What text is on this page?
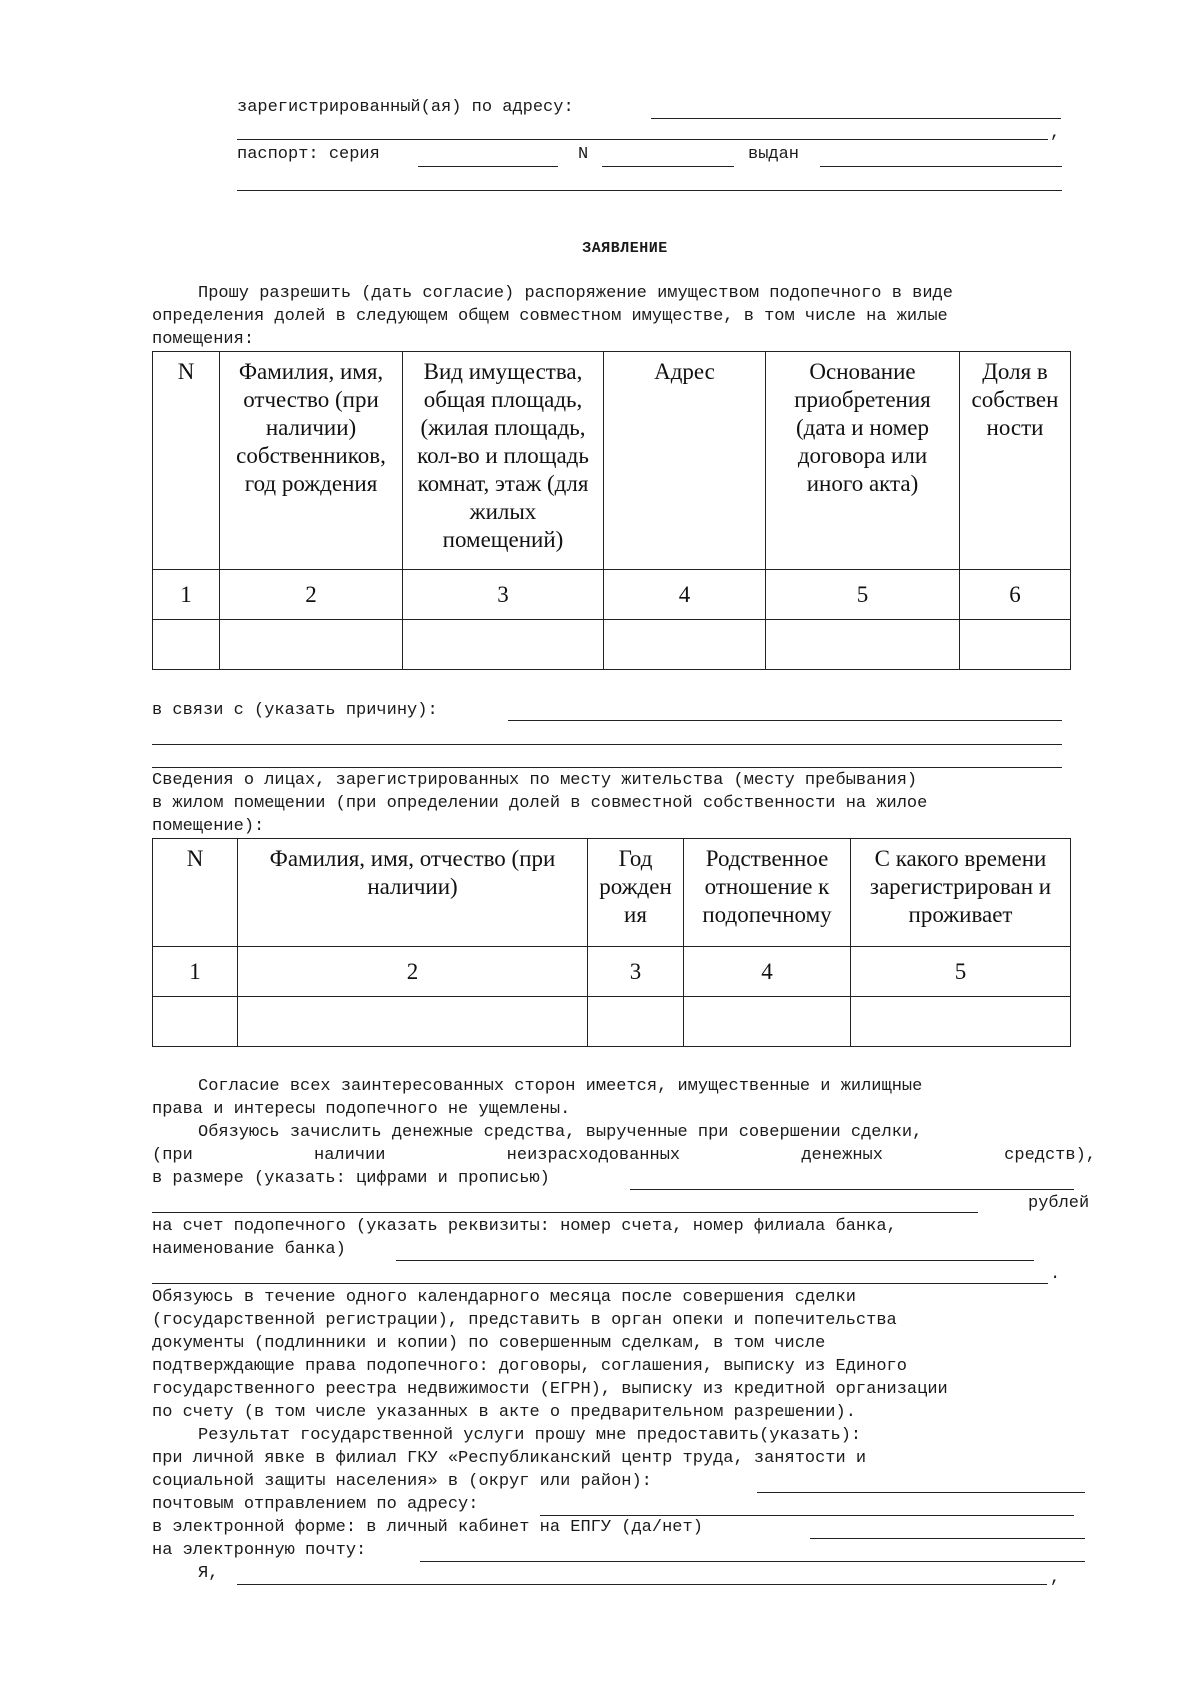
зарегистрированный(ая) по адресу:
,
паспорт: серия	N	выдан
ЗАЯВЛЕНИЕ
Прошу разрешить (дать согласие) распоряжение имуществом подопечного в виде
определения долей в следующем общем совместном имуществе, в том числе на жилые
помещения:
N	Фамилия, имя, отчество (при наличии) собственников, год рождения	Вид имущества, общая площадь, (жилая площадь, кол-во и площадь комнат, этаж (для жилых помещений)	Адрес	Основание приобретения (дата и номер договора или иного акта)	Доля в собствен ности
1	2	3	4	5	6

в связи с (указать причину):
Сведения о лицах, зарегистрированных по месту жительства (месту пребывания)
в жилом помещении (при определении долей в совместной собственности на жилое
помещение):
N	Фамилия, имя, отчество (при наличии)	Год рожден ия	Родственное отношение к подопечному	С какого времени зарегистрирован и проживает
1	2	3	4	5

Согласие всех заинтересованных сторон имеется, имущественные и жилищные
права и интересы подопечного не ущемлены.
Обязуюсь зачислить денежные средства, вырученные при совершении сделки,
(при	наличии	неизрасходованных	денежных	средств),
в размере (указать: цифрами и прописью)
рублей
на счет подопечного (указать реквизиты: номер счета, номер филиала банка,
наименование банка)
.
Обязуюсь в течение одного календарного месяца после совершения сделки
(государственной регистрации), представить в орган опеки и попечительства
документы (подлинники и копии) по совершенным сделкам, в том числе
подтверждающие права подопечного: договоры, соглашения, выписку из Единого
государственного реестра недвижимости (ЕГРН), выписку из кредитной организации
по счету (в том числе указанных в акте о предварительном разрешении).
Результат государственной услуги прошу мне предоставить(указать):
при личной явке в филиал ГКУ «Республиканский центр труда, занятости и
социальной защиты населения» в (округ или район):
почтовым отправлением по адресу:
в электронной форме: в личный кабинет на ЕПГУ (да/нет)
на электронную почту:
Я,	,
